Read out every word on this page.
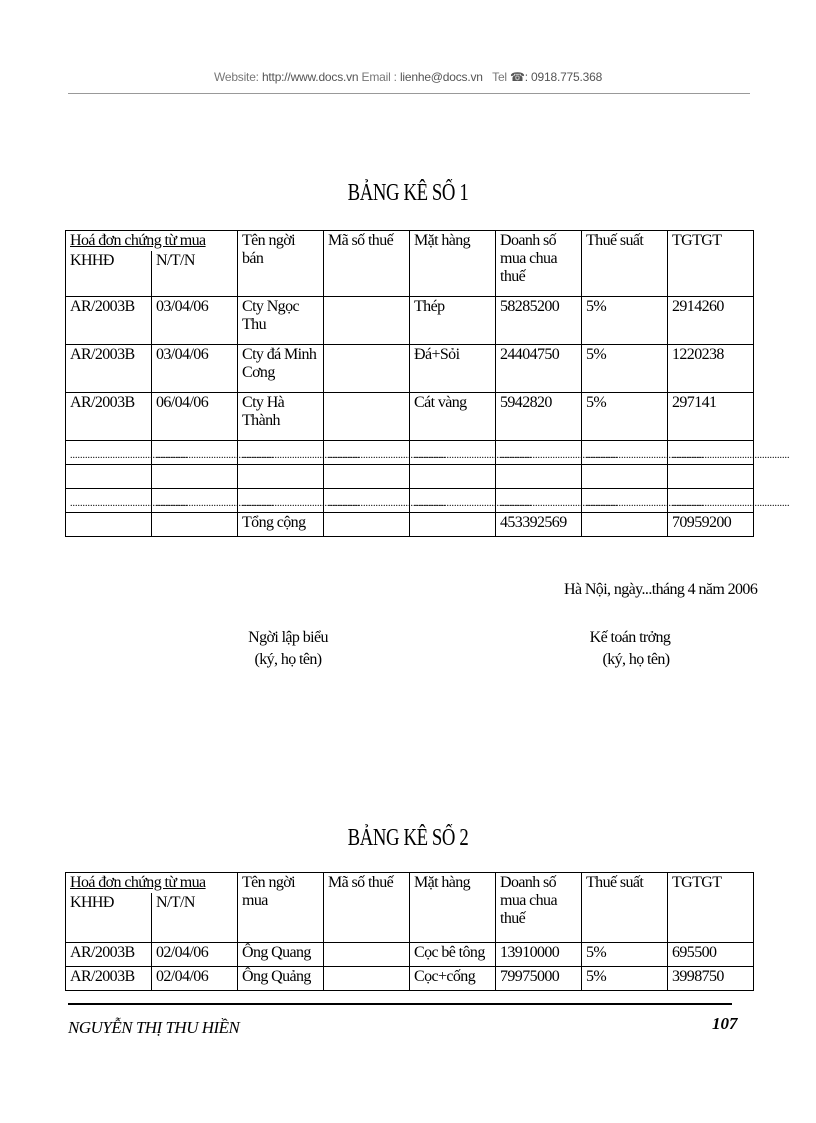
Website: http://www.docs.vn Email : lienhe@docs.vn Tel ☎: 0918.775.368
BẢNG KÊ SỐ 1
Hoá đơn chứng từ mua		Tên ngời bán	Mã số thuế	Mặt hàng	Doanh số mua chua thuế	Thuế suất	TGTGT
KHHĐ	N/T/N						
AR/2003B	03/04/06	Cty Ngọc Thu		Thép	58285200	5%	2914260
AR/2003B	03/04/06	Cty đá Minh Cơng		Đá+Sỏi	24404750	5%	1220238
AR/2003B	06/04/06	Cty Hà Thành		Cát vàng	5942820	5%	297141
...............................................	...............................................	...............................................	...............................................	...............................................	...............................................	...............................................	...............................................

...............................................	...............................................	...............................................	...............................................	...............................................	...............................................	...............................................	...............................................
		Tổng cộng			453392569		70959200
Hà Nội, ngày...tháng 4 năm 2006
Ngời lập biểu
(ký, họ tên)
Kế toán trởng
(ký, họ tên)
BẢNG KÊ SỐ 2
Hoá đơn chứng từ mua		Tên ngời mua	Mã số thuế	Mặt hàng	Doanh số mua chua thuế	Thuế suất	TGTGT
KHHĐ	N/T/N						
AR/2003B	02/04/06	Ông Quang		Cọc bê tông	13910000	5%	695500
AR/2003B	02/04/06	Ông Quảng		Cọc+cống	79975000	5%	3998750
NGUYỄN THỊ THU HIỀN	107
